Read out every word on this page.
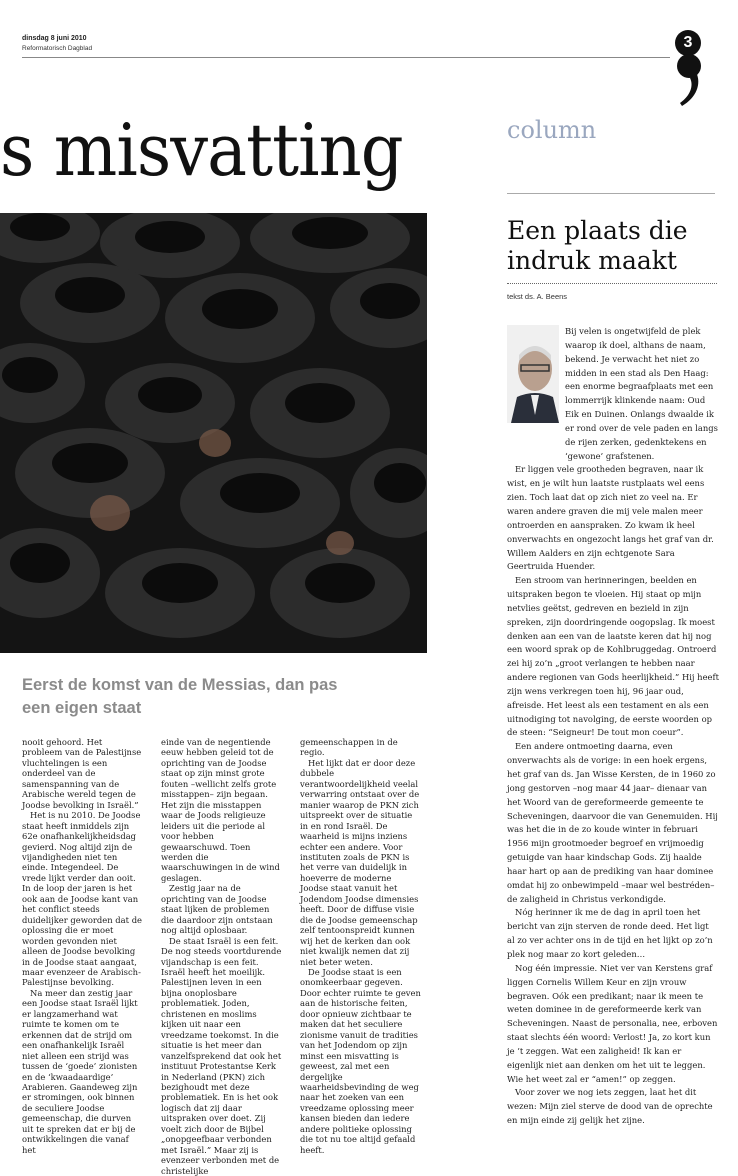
dinsdag 8 juni 2010
Reformatorisch Dagblad	3
s misvatting	column
Een plaats die indruk maakt
tekst ds. A. Beens
Eerst de komst van de Messias, dan pas een eigen staat

nooit gehoord. Het probleem van de Palestijnse vluchtelingen is een onderdeel van de samenspanning van de Arabische wereld tegen de Joodse bevolking in Israël.”

Het is nu 2010. De Joodse staat heeft inmiddels zijn 62e onafhankelijkheidsdag gevierd. Nog altijd zijn de vijandigheden niet ten einde. Integendeel. De vrede lijkt verder dan ooit. In de loop der jaren is het ook aan de Joodse kant van het conflict steeds duidelijker geworden dat de oplossing die er moet worden gevonden niet alleen de Joodse bevolking in de Joodse staat aangaat, maar evenzeer de Arabisch-Palestijnse bevolking.

Na meer dan zestig jaar een Joodse staat Israël lijkt er langzamerhand wat ruimte te komen om te erkennen dat de strijd om een onafhankelijk Israël niet alleen een strijd was tussen de ‘goede’ zionisten en de ‘kwaadaardige’ Arabieren. Gaandeweg zijn er stromingen, ook binnen de seculiere Joodse gemeenschap, die durven uit te spreken dat er bij de ontwikkelingen die vanaf het

einde van de negentiende eeuw hebben geleid tot de oprichting van de Joodse staat op zijn minst grote fouten –wellicht zelfs grote misstappen– zijn begaan. Het zijn die misstappen waar de Joods religieuze leiders uit die periode al voor hebben gewaarschuwd. Toen werden die waarschuwingen in de wind geslagen.

Zestig jaar na de oprichting van de Joodse staat lijken de problemen die daardoor zijn ontstaan nog altijd oplosbaar.

De staat Israël is een feit. De nog steeds voortdurende vijandschap is een feit. Israël heeft het moeilijk. Palestijnen leven in een bijna onoplosbare problematiek. Joden, christenen en moslims kijken uit naar een vreedzame toekomst. In die situatie is het meer dan vanzelfsprekend dat ook het instituut Protestantse Kerk in Nederland (PKN) zich bezighoudt met deze problematiek. En is het ook logisch dat zij daar uitspraken over doet. Zij voelt zich door de Bijbel „onopgeefbaar verbonden met Israël.” Maar zij is evenzeer verbonden met de christelijke

gemeenschappen in de regio.

Het lijkt dat er door deze dubbele verantwoordelijkheid veelal verwarring ontstaat over de manier waarop de PKN zich uitspreekt over de situatie in en rond Israël. De waarheid is mijns inziens echter een andere. Voor instituten zoals de PKN is het verre van duidelijk in hoeverre de moderne Joodse staat vanuit het Jodendom Joodse dimensies heeft. Door de diffuse visie die de Joodse gemeenschap zelf tentoonspreidt kunnen wij het de kerken dan ook niet kwalijk nemen dat zij niet beter weten.

De Joodse staat is een onomkeerbaar gegeven. Door echter ruimte te geven aan de historische feiten, door opnieuw zichtbaar te maken dat het seculiere zionisme vanuit de tradities van het Jodendom op zijn minst een misvatting is geweest, zal met een dergelijke waarheidsbevinding de weg naar het zoeken van een vreedzame oplossing meer kansen bieden dan iedere andere politieke oplossing die tot nu toe altijd gefaald heeft.

Bij velen is ongetwijfeld de plek waarop ik doel, althans de naam, bekend. Je verwacht het niet zo midden in een stad als Den Haag: een enorme begraafplaats met een lommerrijk klinkende naam: Oud Eik en Duinen. Onlangs dwaalde ik er rond over de vele paden en langs de rijen zerken, gedenktekens en ‘gewone’ grafstenen.

Er liggen vele grootheden begraven, naar ik wist, en je wilt hun laatste rustplaats wel eens zien. Toch laat dat op zich niet zo veel na. Er waren andere graven die mij vele malen meer ontroerden en aanspraken. Zo kwam ik heel onverwachts en ongezocht langs het graf van dr. Willem Aalders en zijn echtgenote Sara Geertruida Huender.

Een stroom van herinneringen, beelden en uitspraken begon te vloeien. Hij staat op mijn netvlies geëtst, gedreven en bezield in zijn spreken, zijn doordringende oogopslag. Ik moest denken aan een van de laatste keren dat hij nog een woord sprak op de Kohlbruggedag. Ontroerd zei hij zo’n „groot verlangen te hebben naar andere regionen van Gods heerlijkheid.” Hij heeft zijn wens verkregen toen hij, 96 jaar oud, afreisde. Het leest als een testament en als een uitnodiging tot navolging, de eerste woorden op de steen: “Seigneur! De tout mon coeur”.

Een andere ontmoeting daarna, even onverwachts als de vorige: in een hoek ergens, het graf van ds. Jan Wisse Kersten, de in 1960 zo jong gestorven –nog maar 44 jaar– dienaar van het Woord van de gereformeerde gemeente te Scheveningen, daarvoor die van Genemuiden. Hij was het die in de zo koude winter in februari 1956 mijn grootmoeder begroef en vrijmoedig getuigde van haar kindschap Gods. Zij haalde haar hart op aan de prediking van haar dominee omdat hij zo onbewimpeld –maar wel bestréden– de zaligheid in Christus verkondigde.

Nóg herinner ik me de dag in april toen het bericht van zijn sterven de ronde deed. Het ligt al zo ver achter ons in de tijd en het lijkt op zo’n plek nog maar zo kort geleden…

Nog één impressie. Niet ver van Kerstens graf liggen Cornelis Willem Keur en zijn vrouw begraven. Oók een predikant; naar ik meen te weten dominee in de gereformeerde kerk van Scheveningen. Naast de personalia, nee, erboven staat slechts één woord: Verlost! Ja, zo kort kun je ’t zeggen. Wat een zaligheid! Ik kan er eigenlijk niet aan denken om het uit te leggen. Wie het weet zal er “amen!” op zeggen.

Voor zover we nog iets zeggen, laat het dit wezen: Mijn ziel sterve de dood van de oprechte en mijn einde zij gelijk het zijne.
